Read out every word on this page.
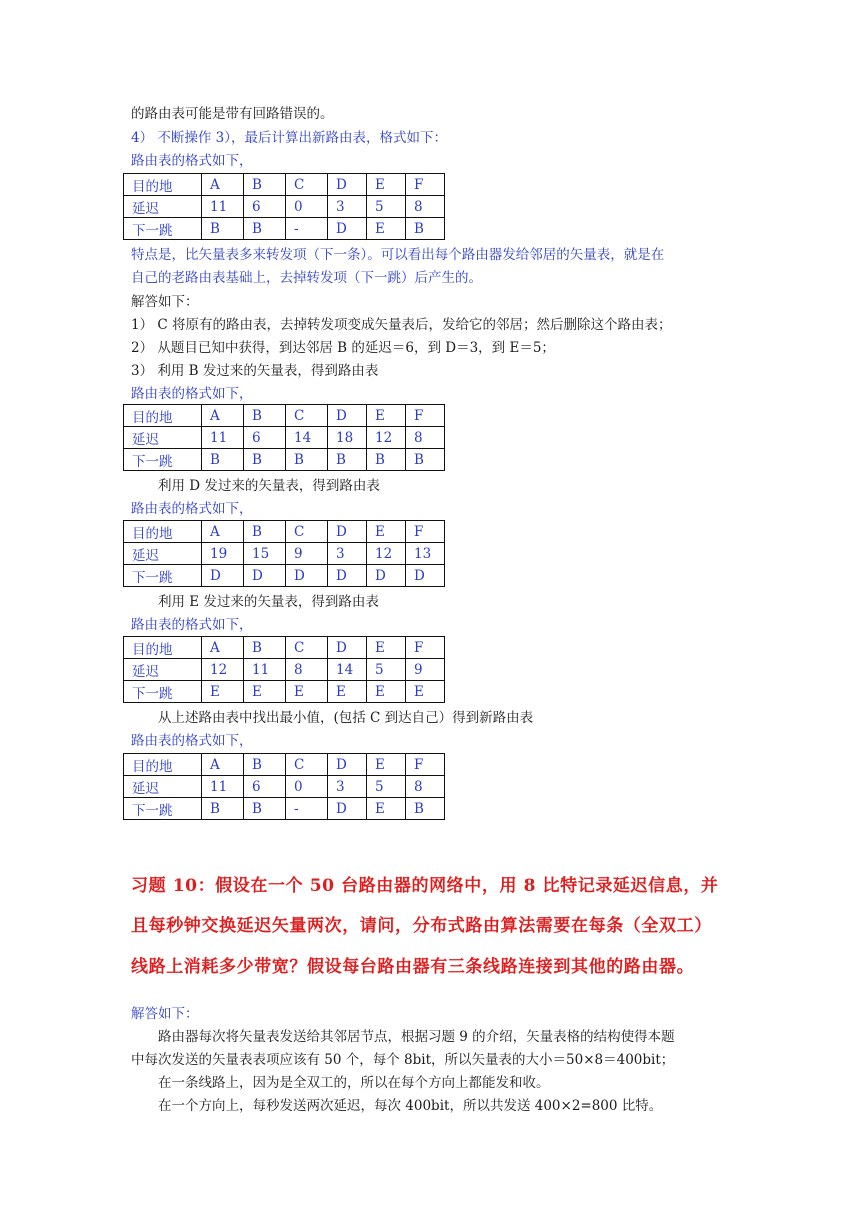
的路由表可能是带有回路错误的。
4） 不断操作 3），最后计算出新路由表，格式如下：
路由表的格式如下，
目的地	A	B	C	D	E	F
延迟	11	6	0	3	5	8
下一跳	B	B	-	D	E	B
特点是，比矢量表多来转发项（下一条）。可以看出每个路由器发给邻居的矢量表，就是在
自己的老路由表基础上，去掉转发项（下一跳）后产生的。
解答如下：
1） C 将原有的路由表，去掉转发项变成矢量表后，发给它的邻居；然后删除这个路由表；
2） 从题目已知中获得，到达邻居 B 的延迟＝6，到 D＝3，到 E＝5；
3） 利用 B 发过来的矢量表，得到路由表
路由表的格式如下，
目的地	A	B	C	D	E	F
延迟	11	6	14	18	12	8
下一跳	B	B	B	B	B	B
利用 D 发过来的矢量表，得到路由表
路由表的格式如下，
目的地	A	B	C	D	E	F
延迟	19	15	9	3	12	13
下一跳	D	D	D	D	D	D
利用 E 发过来的矢量表，得到路由表
路由表的格式如下，
目的地	A	B	C	D	E	F
延迟	12	11	8	14	5	9
下一跳	E	E	E	E	E	E
从上述路由表中找出最小值，(包括 C 到达自己）得到新路由表
路由表的格式如下，
目的地	A	B	C	D	E	F
延迟	11	6	0	3	5	8
下一跳	B	B	-	D	E	B
习题 10：假设在一个 50 台路由器的网络中，用 8 比特记录延迟信息，并
且每秒钟交换延迟矢量两次，请问，分布式路由算法需要在每条（全双工）
线路上消耗多少带宽？假设每台路由器有三条线路连接到其他的路由器。
解答如下：
路由器每次将矢量表发送给其邻居节点，根据习题 9 的介绍，矢量表格的结构使得本题
中每次发送的矢量表表项应该有 50 个，每个 8bit，所以矢量表的大小＝50×8＝400bit；
在一条线路上，因为是全双工的，所以在每个方向上都能发和收。
在一个方向上，每秒发送两次延迟，每次 400bit，所以共发送 400×2=800 比特。
